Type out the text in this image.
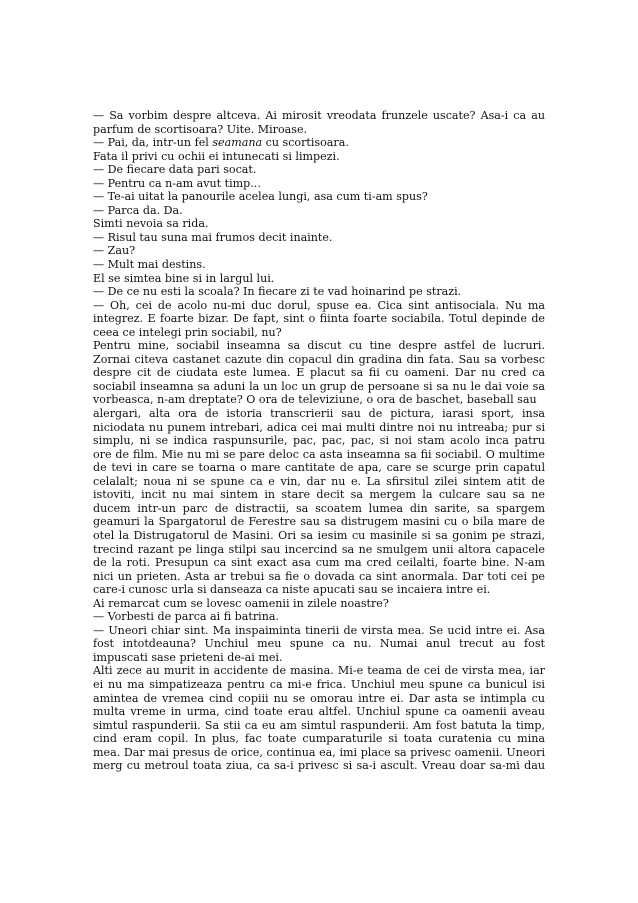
— Sa vorbim despre altceva. Ai mirosit vreodata frunzele uscate? Asa-i ca au
parfum de scortisoara? Uite. Miroase.
— Pai, da, intr-un fel seamana cu scortisoara.
Fata il privi cu ochii ei intunecati si limpezi.
— De fiecare data pari socat.
— Pentru ca n-am avut timp...
— Te-ai uitat la panourile acelea lungi, asa cum ti-am spus?
— Parca da. Da.
Simti nevoia sa rida.
— Risul tau suna mai frumos decit inainte.
— Zau?
— Mult mai destins.
El se simtea bine si in largul lui.
— De ce nu esti la scoala? In fiecare zi te vad hoinarind pe strazi.
— Oh, cei de acolo nu-mi duc dorul, spuse ea. Cica sint antisociala. Nu ma
integrez. E foarte bizar. De fapt, sint o fiinta foarte sociabila. Totul depinde de
ceea ce intelegi prin sociabil, nu?
Pentru mine, sociabil inseamna sa discut cu tine despre astfel de lucruri.
Zornai citeva castanet cazute din copacul din gradina din fata. Sau sa vorbesc
despre cit de ciudata este lumea. E placut sa fii cu oameni. Dar nu cred ca
sociabil inseamna sa aduni la un loc un grup de persoane si sa nu le dai voie sa
vorbeasca, n-am dreptate? O ora de televiziune, o ora de baschet, baseball sau
alergari, alta ora de istoria transcrierii sau de pictura, iarasi sport, insa
niciodata nu punem intrebari, adica cei mai multi dintre noi nu intreaba; pur si
simplu, ni se indica raspunsurile, pac, pac, pac, si noi stam acolo inca patru
ore de film. Mie nu mi se pare deloc ca asta inseamna sa fii sociabil. O multime
de tevi in care se toarna o mare cantitate de apa, care se scurge prin capatul
celalalt; noua ni se spune ca e vin, dar nu e. La sfirsitul zilei sintem atit de
istoviti, incit nu mai sintem in stare decit sa mergem la culcare sau sa ne
ducem intr-un parc de distractii, sa scoatem lumea din sarite, sa spargem
geamuri la Spargatorul de Ferestre sau sa distrugem masini cu o bila mare de
otel la Distrugatorul de Masini. Ori sa iesim cu masinile si sa gonim pe strazi,
trecind razant pe linga stilpi sau incercind sa ne smulgem unii altora capacele
de la roti. Presupun ca sint exact asa cum ma cred ceilalti, foarte bine. N-am
nici un prieten. Asta ar trebui sa fie o dovada ca sint anormala. Dar toti cei pe
care-i cunosc urla si danseaza ca niste apucati sau se incaiera intre ei.
Ai remarcat cum se lovesc oamenii in zilele noastre?
— Vorbesti de parca ai fi batrina.
— Uneori chiar sint. Ma inspaiminta tinerii de virsta mea. Se ucid intre ei. Asa
fost intotdeauna? Unchiul meu spune ca nu. Numai anul trecut au fost
impuscati sase prieteni de-ai mei.
Alti zece au murit in accidente de masina. Mi-e teama de cei de virsta mea, iar
ei nu ma simpatizeaza pentru ca mi-e frica. Unchiul meu spune ca bunicul isi
amintea de vremea cind copiii nu se omorau intre ei. Dar asta se intimpla cu
multa vreme in urma, cind toate erau altfel. Unchiul spune ca oamenii aveau
simtul raspunderii. Sa stii ca eu am simtul raspunderii. Am fost batuta la timp,
cind eram copil. In plus, fac toate cumparaturile si toata curatenia cu mina
mea. Dar mai presus de orice, continua ea, imi place sa privesc oamenii. Uneori
merg cu metroul toata ziua, ca sa-i privesc si sa-i ascult. Vreau doar sa-mi dau
